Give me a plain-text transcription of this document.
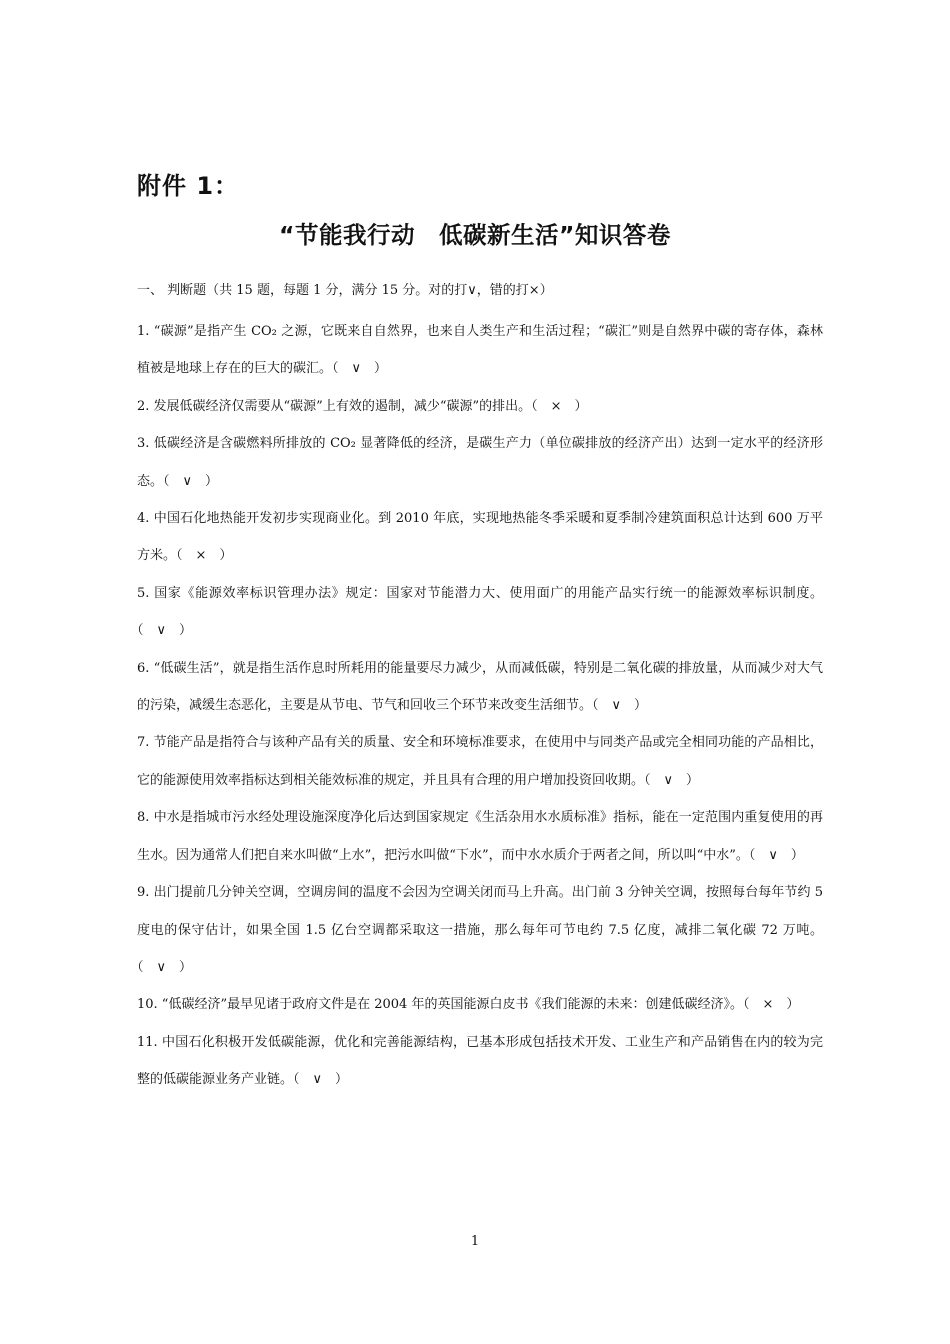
附件 1：
“节能我行动　低碳新生活”知识答卷
一、 判断题（共 15 题，每题 1 分，满分 15 分。对的打∨，错的打×）
1. “碳源”是指产生 CO₂ 之源，它既来自自然界，也来自人类生产和生活过程；“碳汇”则是自然界中碳的寄存体，森林植被是地球上存在的巨大的碳汇。（　∨　）
2. 发展低碳经济仅需要从“碳源”上有效的遏制，减少“碳源”的排出。（　×　）
3. 低碳经济是含碳燃料所排放的 CO₂ 显著降低的经济，是碳生产力（单位碳排放的经济产出）达到一定水平的经济形态。（　∨　）
4. 中国石化地热能开发初步实现商业化。到 2010 年底，实现地热能冬季采暖和夏季制冷建筑面积总计达到 600 万平方米。（　×　）
5. 国家《能源效率标识管理办法》规定：国家对节能潜力大、使用面广的用能产品实行统一的能源效率标识制度。（　∨　）
6. “低碳生活”，就是指生活作息时所耗用的能量要尽力减少，从而减低碳，特别是二氧化碳的排放量，从而减少对大气的污染，减缓生态恶化，主要是从节电、节气和回收三个环节来改变生活细节。（　∨　）
7. 节能产品是指符合与该种产品有关的质量、安全和环境标准要求，在使用中与同类产品或完全相同功能的产品相比，它的能源使用效率指标达到相关能效标准的规定，并且具有合理的用户增加投资回收期。（　∨　）
8. 中水是指城市污水经处理设施深度净化后达到国家规定《生活杂用水水质标准》指标，能在一定范围内重复使用的再生水。因为通常人们把自来水叫做“上水”，把污水叫做“下水”，而中水水质介于两者之间，所以叫“中水”。（　∨　）
9. 出门提前几分钟关空调，空调房间的温度不会因为空调关闭而马上升高。出门前 3 分钟关空调，按照每台每年节约 5 度电的保守估计，如果全国 1.5 亿台空调都采取这一措施，那么每年可节电约 7.5 亿度，减排二氧化碳 72 万吨。（　∨　）
10. “低碳经济”最早见诸于政府文件是在 2004 年的英国能源白皮书《我们能源的未来：创建低碳经济》。（　×　）
11. 中国石化积极开发低碳能源，优化和完善能源结构，已基本形成包括技术开发、工业生产和产品销售在内的较为完整的低碳能源业务产业链。（　∨　）
1
